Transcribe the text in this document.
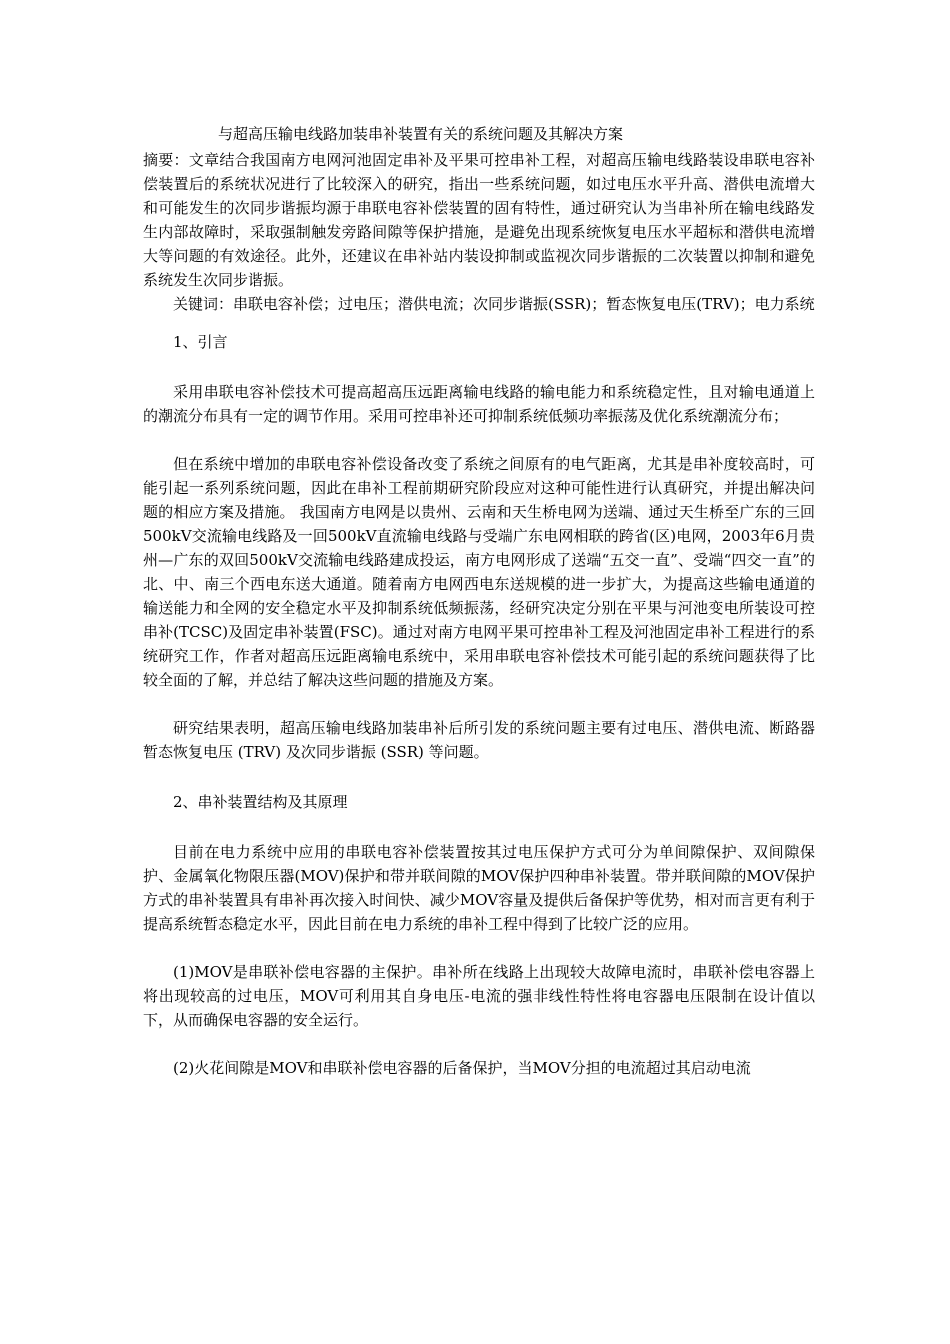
与超高压输电线路加装串补装置有关的系统问题及其解决方案

摘要：文章结合我国南方电网河池固定串补及平果可控串补工程，对超高压输电线路装设串联电容补偿装置后的系统状况进行了比较深入的研究，指出一些系统问题，如过电压水平升高、潜供电流增大和可能发生的次同步谐振均源于串联电容补偿装置的固有特性，通过研究认为当串补所在输电线路发生内部故障时，采取强制触发旁路间隙等保护措施，是避免出现系统恢复电压水平超标和潜供电流增大等问题的有效途径。此外，还建议在串补站内装设抑制或监视次同步谐振的二次装置以抑制和避免系统发生次同步谐振。

关键词：串联电容补偿；过电压；潜供电流；次同步谐振(SSR)；暂态恢复电压(TRV)；电力系统

1、引言

采用串联电容补偿技术可提高超高压远距离输电线路的输电能力和系统稳定性，且对输电通道上的潮流分布具有一定的调节作用。采用可控串补还可抑制系统低频功率振荡及优化系统潮流分布；

但在系统中增加的串联电容补偿设备改变了系统之间原有的电气距离，尤其是串补度较高时，可能引起一系列系统问题，因此在串补工程前期研究阶段应对这种可能性进行认真研究，并提出解决问题的相应方案及措施。 我国南方电网是以贵州、云南和天生桥电网为送端、通过天生桥至广东的三回500kV交流输电线路及一回500kV直流输电线路与受端广东电网相联的跨省(区)电网，2003年6月贵州—广东的双回500kV交流输电线路建成投运，南方电网形成了送端“五交一直”、受端“四交一直”的北、中、南三个西电东送大通道。随着南方电网西电东送规模的进一步扩大，为提高这些输电通道的输送能力和全网的安全稳定水平及抑制系统低频振荡，经研究决定分别在平果与河池变电所装设可控串补(TCSC)及固定串补装置(FSC)。通过对南方电网平果可控串补工程及河池固定串补工程进行的系统研究工作，作者对超高压远距离输电系统中，采用串联电容补偿技术可能引起的系统问题获得了比较全面的了解，并总结了解决这些问题的措施及方案。

研究结果表明，超高压输电线路加装串补后所引发的系统问题主要有过电压、潜供电流、断路器暂态恢复电压 (TRV) 及次同步谐振 (SSR) 等问题。

2、串补装置结构及其原理

目前在电力系统中应用的串联电容补偿装置按其过电压保护方式可分为单间隙保护、双间隙保护、金属氧化物限压器(MOV)保护和带并联间隙的MOV保护四种串补装置。带并联间隙的MOV保护方式的串补装置具有串补再次接入时间快、减少MOV容量及提供后备保护等优势，相对而言更有利于提高系统暂态稳定水平，因此目前在电力系统的串补工程中得到了比较广泛的应用。

(1)MOV是串联补偿电容器的主保护。串补所在线路上出现较大故障电流时，串联补偿电容器上将出现较高的过电压，MOV可利用其自身电压-电流的强非线性特性将电容器电压限制在设计值以下，从而确保电容器的安全运行。

(2)火花间隙是MOV和串联补偿电容器的后备保护，当MOV分担的电流超过其启动电流
